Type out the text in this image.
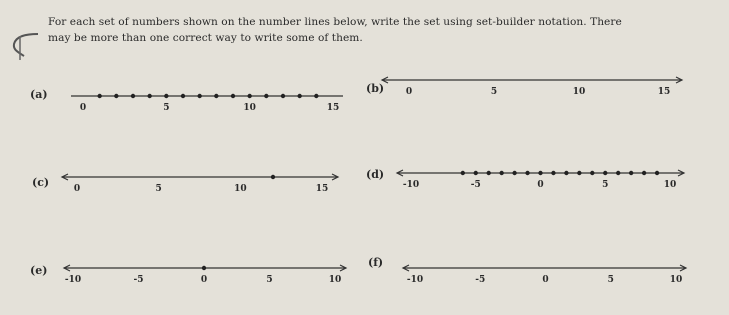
For each set of numbers shown on the number lines below, write the set using set-builder notation. There
may be more than one correct way to write some of them.
(a)
0	5	10	15
(b) 0	5	10	15
(c)	0	5	10	15
(d)
-10	-5	0	5	10
(e)
-10	-5	0	5	10
(f)
-10	-5	0	5	10
